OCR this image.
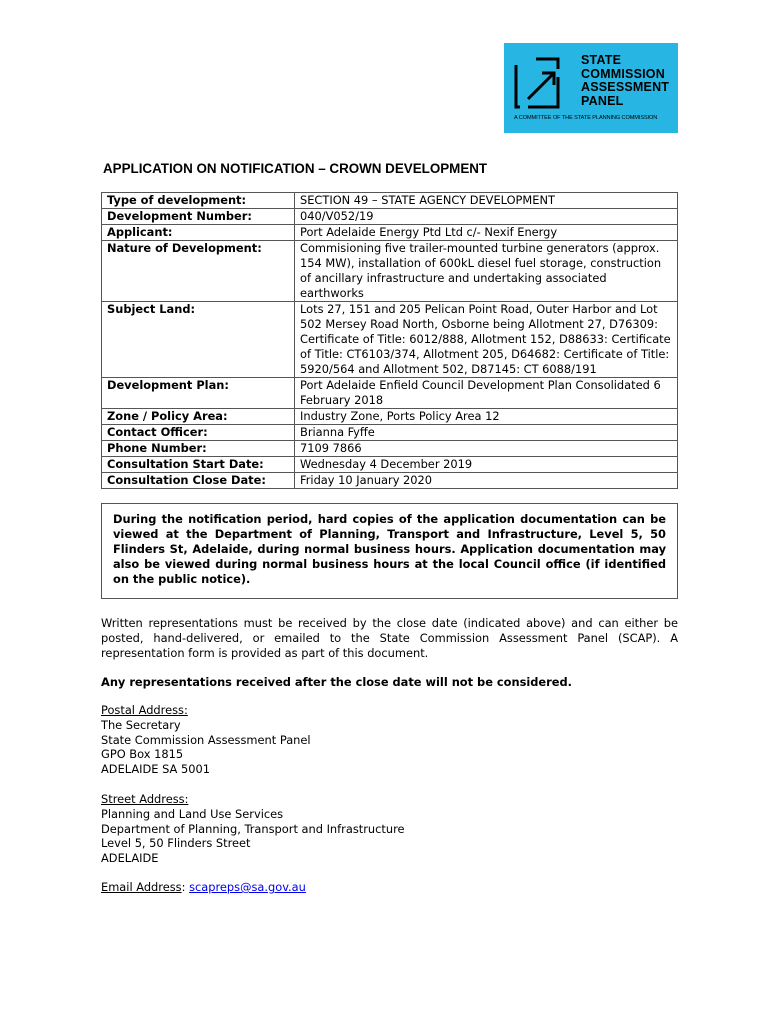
STATE
COMMISSION
ASSESSMENT
PANEL
A COMMITTEE OF THE STATE PLANNING COMMISSION
APPLICATION ON NOTIFICATION – CROWN DEVELOPMENT
Type of development:	SECTION 49 – STATE AGENCY DEVELOPMENT
Development Number:	040/V052/19
Applicant:	Port Adelaide Energy Ptd Ltd c/- Nexif Energy
Nature of Development:	Commisioning five trailer-mounted turbine generators (approx. 154 MW), installation of 600kL diesel fuel storage, construction of ancillary infrastructure and undertaking associated earthworks
Subject Land:	Lots 27, 151 and 205 Pelican Point Road, Outer Harbor and Lot 502 Mersey Road North, Osborne being Allotment 27, D76309: Certificate of Title: 6012/888, Allotment 152, D88633: Certificate of Title: CT6103/374, Allotment 205, D64682: Certificate of Title: 5920/564 and Allotment 502, D87145: CT 6088/191
Development Plan:	Port Adelaide Enfield Council Development Plan Consolidated 6 February 2018
Zone / Policy Area:	Industry Zone, Ports Policy Area 12
Contact Officer:	Brianna Fyffe
Phone Number:	7109 7866
Consultation Start Date:	Wednesday 4 December 2019
Consultation Close Date:	Friday 10 January 2020
During the notification period, hard copies of the application documentation can be viewed at the Department of Planning, Transport and Infrastructure, Level 5, 50 Flinders St, Adelaide, during normal business hours. Application documentation may also be viewed during normal business hours at the local Council office (if identified on the public notice).
Written representations must be received by the close date (indicated above) and can either be posted, hand-delivered, or emailed to the State Commission Assessment Panel (SCAP). A representation form is provided as part of this document.
Any representations received after the close date will not be considered.
Postal Address:
The Secretary
State Commission Assessment Panel
GPO Box 1815
ADELAIDE SA 5001
Street Address:
Planning and Land Use Services
Department of Planning, Transport and Infrastructure
Level 5, 50 Flinders Street
ADELAIDE
Email Address: scapreps@sa.gov.au
